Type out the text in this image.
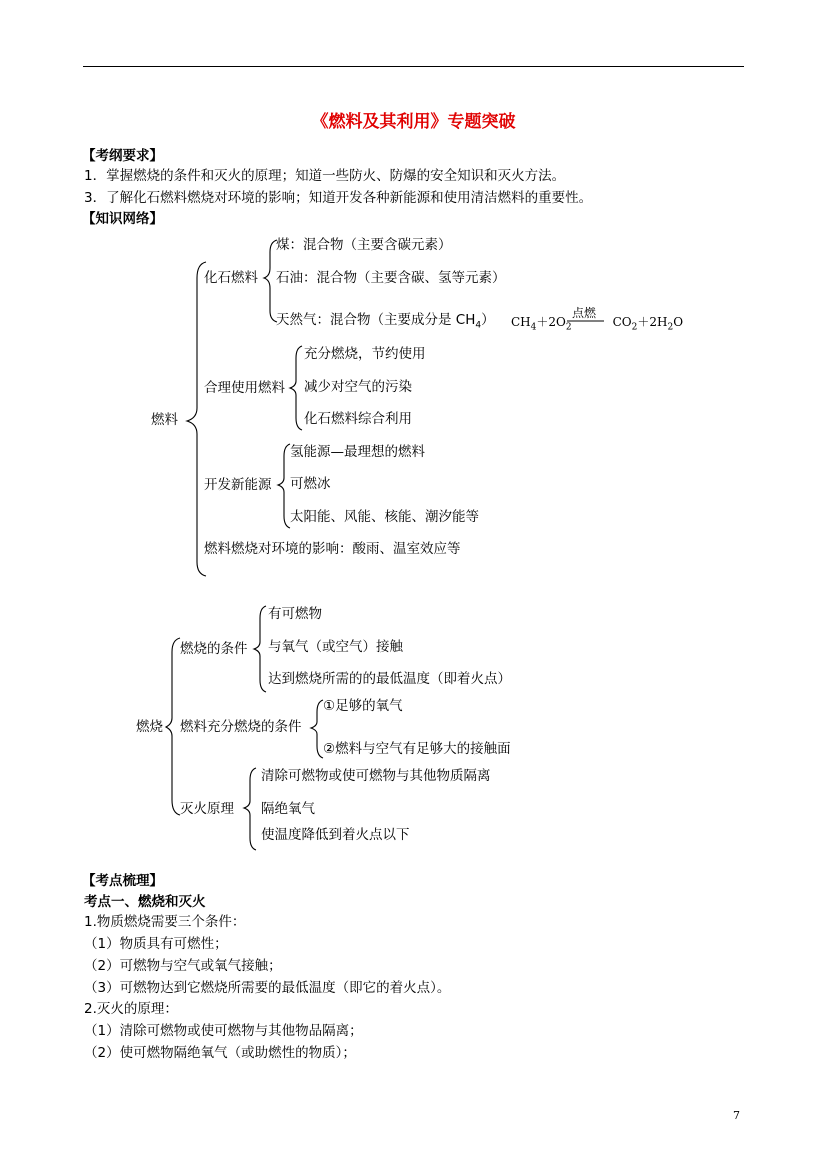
《燃料及其利用》专题突破
【考纲要求】
1．掌握燃烧的条件和灭火的原理；知道一些防火、防爆的安全知识和灭火方法。
3．了解化石燃料燃烧对环境的影响；知道开发各种新能源和使用清洁燃料的重要性。
【知识网络】
燃料
化石燃料
煤：混合物（主要含碳元素）
石油：混合物（主要含碳、氢等元素）
天然气：混合物（主要成分是 $CH_4$） $CH_4+2O_2$	$CO_2+2H_2O$
点燃
合理使用燃料
充分燃烧，节约使用
减少对空气的污染
化石燃料综合利用
开发新能源
氢能源—最理想的燃料
可燃冰
太阳能、风能、核能、潮汐能等
燃料燃烧对环境的影响：酸雨、温室效应等
燃烧
燃烧的条件
有可燃物
与氧气（或空气）接触
达到燃烧所需的的最低温度（即着火点）
燃料充分燃烧的条件
①足够的氧气
②燃料与空气有足够大的接触面
灭火原理
清除可燃物或使可燃物与其他物质隔离
隔绝氧气
使温度降低到着火点以下
【考点梳理】
考点一、燃烧和灭火
1.物质燃烧需要三个条件：
（1）物质具有可燃性；
（2）可燃物与空气或氧气接触；
（3）可燃物达到它燃烧所需要的最低温度（即它的着火点）。
2.灭火的原理：
（1）清除可燃物或使可燃物与其他物品隔离；
（2）使可燃物隔绝氧气（或助燃性的物质）；
7
